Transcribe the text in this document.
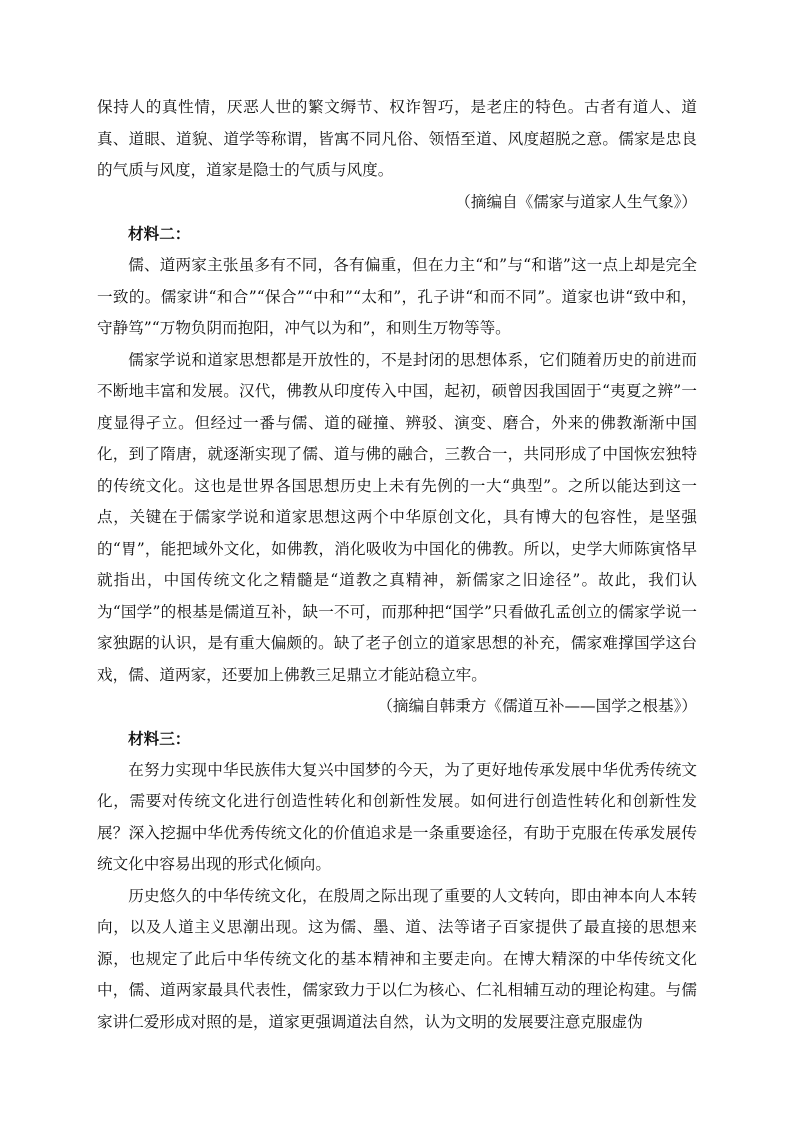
保持人的真性情，厌恶人世的繁文缛节、权诈智巧，是老庄的特色。古者有道人、道真、道眼、道貌、道学等称谓，皆寓不同凡俗、领悟至道、风度超脱之意。儒家是忠良的气质与风度，道家是隐士的气质与风度。

（摘编自《儒家与道家人生气象》）

材料二：

儒、道两家主张虽多有不同，各有偏重，但在力主“和”与“和谐”这一点上却是完全一致的。儒家讲“和合”“保合”“中和”“太和”，孔子讲“和而不同”。道家也讲“致中和，守静笃”“万物负阴而抱阳，冲气以为和”，和则生万物等等。

儒家学说和道家思想都是开放性的，不是封闭的思想体系，它们随着历史的前进而不断地丰富和发展。汉代，佛教从印度传入中国，起初，硕曾因我国固于“夷夏之辨”一度显得孑立。但经过一番与儒、道的碰撞、辨驳、演变、磨合，外来的佛教渐渐中国化，到了隋唐，就逐渐实现了儒、道与佛的融合，三教合一，共同形成了中国恢宏独特的传统文化。这也是世界各国思想历史上未有先例的一大“典型”。之所以能达到这一点，关键在于儒家学说和道家思想这两个中华原创文化，具有博大的包容性，是坚强的“胃”，能把域外文化，如佛教，消化吸收为中国化的佛教。所以，史学大师陈寅恪早就指出，中国传统文化之精髓是“道教之真精神，新儒家之旧途径”。故此，我们认为“国学”的根基是儒道互补，缺一不可，而那种把“国学”只看做孔孟创立的儒家学说一家独踞的认识，是有重大偏颇的。缺了老子创立的道家思想的补充，儒家难撑国学这台戏，儒、道两家，还要加上佛教三足鼎立才能站稳立牢。

（摘编自韩秉方《儒道互补——国学之根基》）

材料三：

在努力实现中华民族伟大复兴中国梦的今天，为了更好地传承发展中华优秀传统文化，需要对传统文化进行创造性转化和创新性发展。如何进行创造性转化和创新性发展？深入挖掘中华优秀传统文化的价值追求是一条重要途径，有助于克服在传承发展传统文化中容易出现的形式化倾向。

历史悠久的中华传统文化，在殷周之际出现了重要的人文转向，即由神本向人本转向，以及人道主义思潮出现。这为儒、墨、道、法等诸子百家提供了最直接的思想来源，也规定了此后中华传统文化的基本精神和主要走向。在博大精深的中华传统文化中，儒、道两家最具代表性，儒家致力于以仁为核心、仁礼相辅互动的理论构建。与儒家讲仁爱形成对照的是，道家更强调道法自然，认为文明的发展要注意克服虚伪
